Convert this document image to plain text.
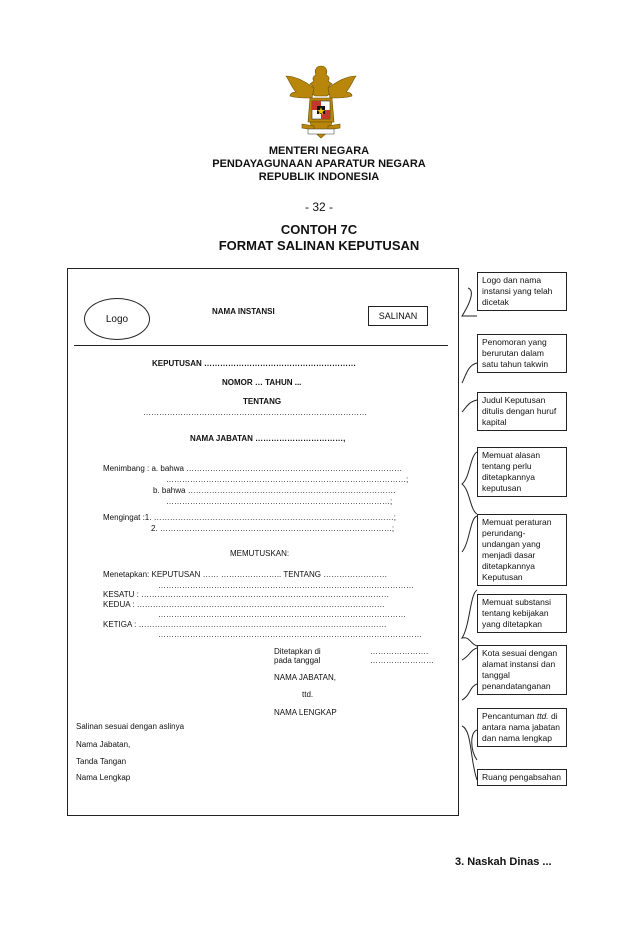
MENTERI NEGARA
PENDAYAGUNAAN APARATUR NEGARA
REPUBLIK INDONESIA
- 32 -
CONTOH 7C
FORMAT SALINAN KEPUTUSAN
Logo
NAMA INSTANSI	SALINAN
KEPUTUSAN …………………………………………………
NOMOR … TAHUN ...
TENTANG
…………………………………………………………………………
NAMA JABATAN ……………………………,
Menimbang : a. bahwa ………………………………………………………………………
………………………………………………………………………………;
b. bahwa ……………………………………………………………………
…………………………………………………………………………;
Mengingat :1. ………………………………………………………………………………;
2. ……………………………………………………………………………;
MEMUTUSKAN:
Menetapkan: KEPUTUSAN …… ………………….. TENTANG ……………………
……………………………………………………………………………………
KESATU : …………………………………………………………………………………
KEDUA : …………………………………………………………………………………
…………………………………………………………………………………
KETIGA : …………………………………………………………………………………
………………………………………………………………………………………
Ditetapkan di	………………….
pada tanggal	……………………
NAMA JABATAN,
ttd.
NAMA LENGKAP
Salinan sesuai dengan aslinya
Nama Jabatan,
Tanda Tangan
Nama Lengkap
Logo dan nama instansi yang telah dicetak
Penomoran yang berurutan dalam satu tahun takwin
Judul Keputusan ditulis dengan huruf kapital
Memuat alasan tentang perlu ditetapkannya keputusan
Memuat peraturan perundang-undangan yang menjadi dasar ditetapkannya Keputusan
Memuat substansi tentang kebijakan yang ditetapkan
Kota sesuai dengan alamat instansi dan tanggal penandatanganan
Pencantuman ttd. di antara nama jabatan dan nama lengkap
Ruang pengabsahan
3. Naskah Dinas ...
